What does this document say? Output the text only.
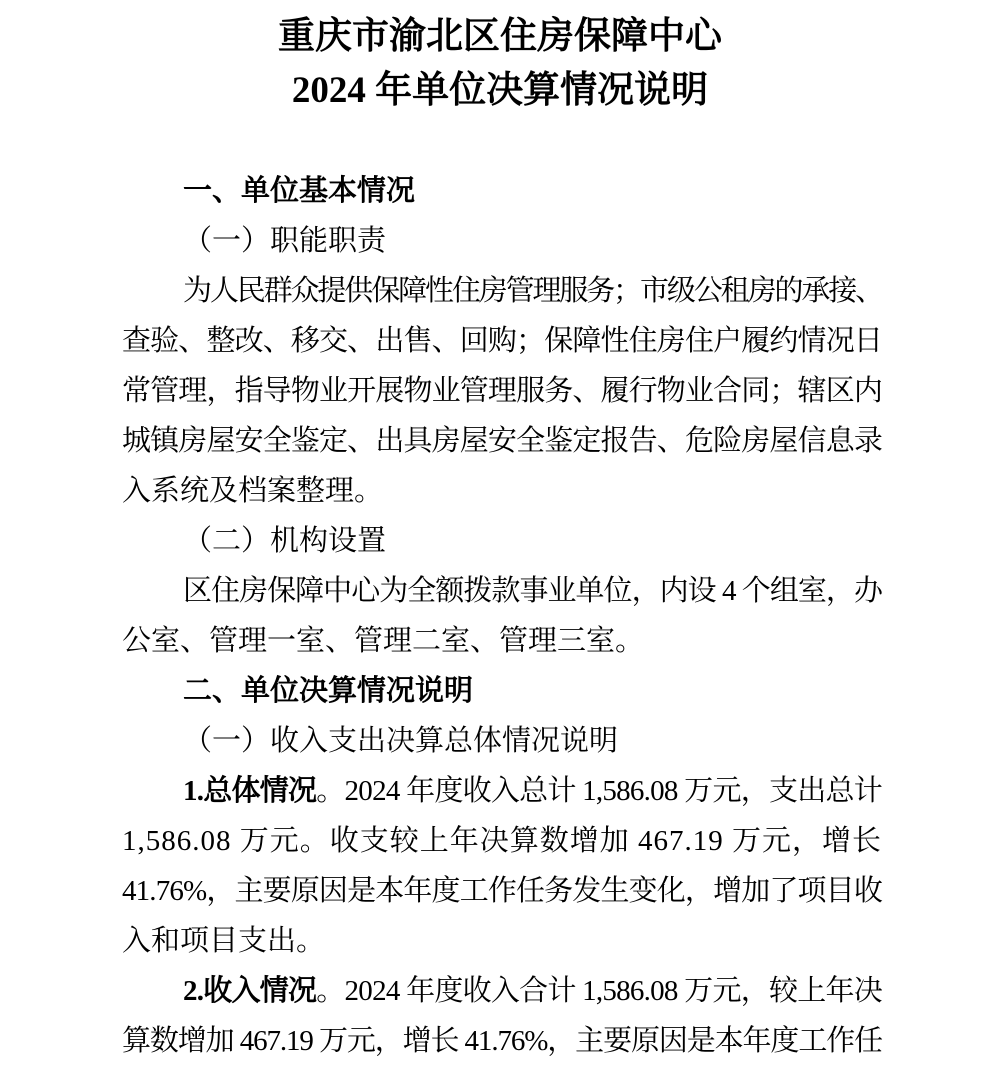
重庆市渝北区住房保障中心
2024 年单位决算情况说明
一、单位基本情况
（一）职能职责
为人民群众提供保障性住房管理服务；市级公租房的承接、
查验、整改、移交、出售、回购；保障性住房住户履约情况日
常管理，指导物业开展物业管理服务、履行物业合同；辖区内
城镇房屋安全鉴定、出具房屋安全鉴定报告、危险房屋信息录
入系统及档案整理。
（二）机构设置
区住房保障中心为全额拨款事业单位，内设 4 个组室，办
公室、管理一室、管理二室、管理三室。
二、单位决算情况说明
（一）收入支出决算总体情况说明
1.总体情况。2024 年度收入总计 1,586.08 万元，支出总计
1,586.08 万元。收支较上年决算数增加 467.19 万元，增长
41.76%，主要原因是本年度工作任务发生变化，增加了项目收
入和项目支出。
2.收入情况。2024 年度收入合计 1,586.08 万元，较上年决
算数增加 467.19 万元，增长 41.76%，主要原因是本年度工作任
